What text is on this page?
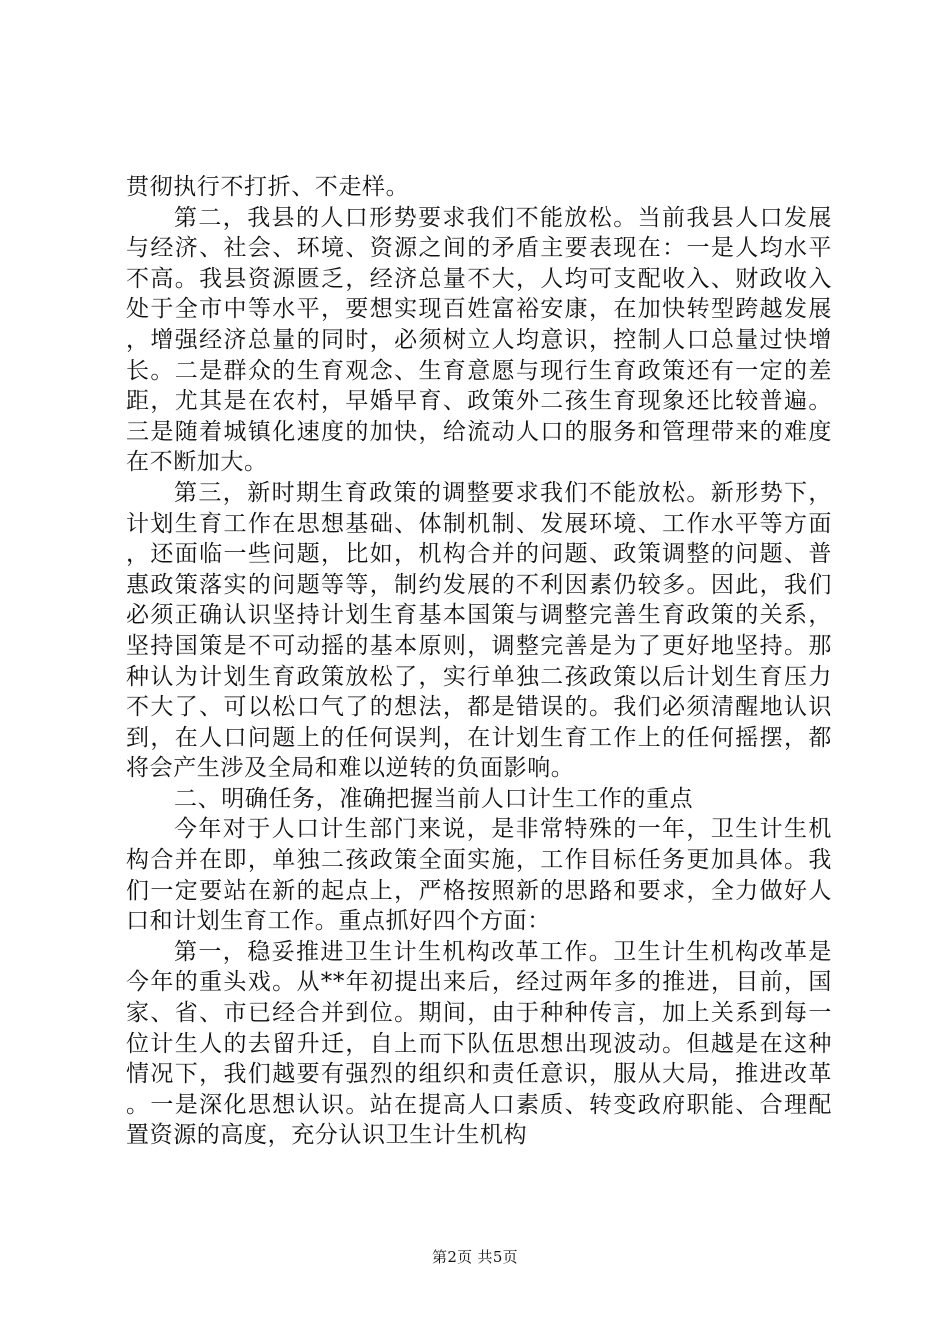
贯彻执行不打折、不走样。

第二，我县的人口形势要求我们不能放松。当前我县人口发展与经济、社会、环境、资源之间的矛盾主要表现在：一是人均水平不高。我县资源匮乏，经济总量不大，人均可支配收入、财政收入处于全市中等水平，要想实现百姓富裕安康，在加快转型跨越发展，增强经济总量的同时，必须树立人均意识，控制人口总量过快增长。二是群众的生育观念、生育意愿与现行生育政策还有一定的差距，尤其是在农村，早婚早育、政策外二孩生育现象还比较普遍。三是随着城镇化速度的加快，给流动人口的服务和管理带来的难度在不断加大。

第三，新时期生育政策的调整要求我们不能放松。新形势下，计划生育工作在思想基础、体制机制、发展环境、工作水平等方面，还面临一些问题，比如，机构合并的问题、政策调整的问题、普惠政策落实的问题等等，制约发展的不利因素仍较多。因此，我们必须正确认识坚持计划生育基本国策与调整完善生育政策的关系，坚持国策是不可动摇的基本原则，调整完善是为了更好地坚持。那种认为计划生育政策放松了，实行单独二孩政策以后计划生育压力不大了、可以松口气了的想法，都是错误的。我们必须清醒地认识到，在人口问题上的任何误判，在计划生育工作上的任何摇摆，都将会产生涉及全局和难以逆转的负面影响。

二、明确任务，准确把握当前人口计生工作的重点

今年对于人口计生部门来说，是非常特殊的一年，卫生计生机构合并在即，单独二孩政策全面实施，工作目标任务更加具体。我们一定要站在新的起点上，严格按照新的思路和要求，全力做好人口和计划生育工作。重点抓好四个方面：

第一，稳妥推进卫生计生机构改革工作。卫生计生机构改革是今年的重头戏。从**年初提出来后，经过两年多的推进，目前，国家、省、市已经合并到位。期间，由于种种传言，加上关系到每一位计生人的去留升迁，自上而下队伍思想出现波动。但越是在这种情况下，我们越要有强烈的组织和责任意识，服从大局，推进改革。一是深化思想认识。站在提高人口素质、转变政府职能、合理配置资源的高度，充分认识卫生计生机构

第2页 共5页
